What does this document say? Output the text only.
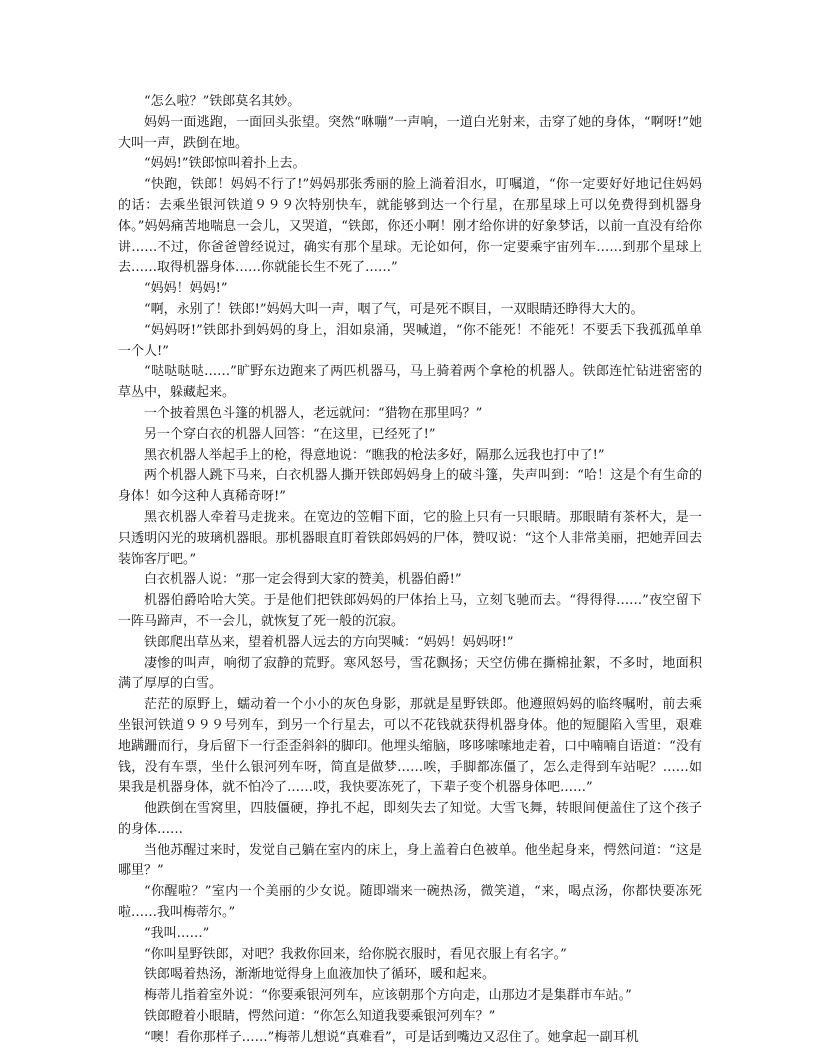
“怎么啦？”铁郎莫名其妙。

妈妈一面逃跑，一面回头张望。突然“咻嘣”一声响，一道白光射来，击穿了她的身体，“啊呀!”她大叫一声，跌倒在地。

“妈妈!”铁郎惊叫着扑上去。

“快跑，铁郎！妈妈不行了!”妈妈那张秀丽的脸上淌着泪水，叮嘱道，“你一定要好好地记住妈妈的话：去乘坐银河铁道９９９次特别快车，就能够到达一个行星，在那星球上可以免费得到机器身体。”妈妈痛苦地喘息一会儿，又哭道，“铁郎，你还小啊！刚才给你讲的好象梦话，以前一直没有给你讲……不过，你爸爸曾经说过，确实有那个星球。无论如何，你一定要乘宇宙列车……到那个星球上去……取得机器身体……你就能长生不死了……”

“妈妈！妈妈!”

“啊，永别了！铁郎!”妈妈大叫一声，咽了气，可是死不瞑目，一双眼睛还睁得大大的。

“妈妈呀!”铁郎扑到妈妈的身上，泪如泉涌，哭喊道，“你不能死！不能死！不要丢下我孤孤单单一个人!”

“哒哒哒哒……”旷野东边跑来了两匹机器马，马上骑着两个拿枪的机器人。铁郎连忙钻进密密的草丛中，躲藏起来。

一个披着黑色斗篷的机器人，老远就问：“猎物在那里吗？”

另一个穿白衣的机器人回答：“在这里，已经死了!”

黑衣机器人举起手上的枪，得意地说：“瞧我的枪法多好，隔那么远我也打中了!”

两个机器人跳下马来，白衣机器人撕开铁郎妈妈身上的破斗篷，失声叫到：“哈！这是个有生命的身体！如今这种人真稀奇呀!”

黑衣机器人牵着马走拢来。在宽边的笠帽下面，它的脸上只有一只眼睛。那眼睛有茶杯大，是一只透明闪光的玻璃机器眼。那机器眼直盯着铁郎妈妈的尸体，赞叹说：“这个人非常美丽，把她弄回去装饰客厅吧。”

白衣机器人说：“那一定会得到大家的赞美，机器伯爵!”

机器伯爵哈哈大笑。于是他们把铁郎妈妈的尸体抬上马，立刻飞驰而去。“得得得……”夜空留下一阵马蹄声，不一会儿，就恢复了死一般的沉寂。

铁郎爬出草丛来，望着机器人远去的方向哭喊：“妈妈！妈妈呀!”

凄惨的叫声，响彻了寂静的荒野。寒风怒号，雪花飘扬；天空仿佛在撕棉扯絮，不多时，地面积满了厚厚的白雪。

茫茫的原野上，蠕动着一个小小的灰色身影，那就是星野铁郎。他遵照妈妈的临终嘱咐，前去乘坐银河铁道９９９号列车，到另一个行星去，可以不花钱就获得机器身体。他的短腿陷入雪里，艰难地蹒跚而行，身后留下一行歪歪斜斜的脚印。他埋头缩脑，哆哆嗦嗦地走着，口中喃喃自语道：“没有钱，没有车票，坐什么银河列车呀，简直是做梦……唉，手脚都冻僵了，怎么走得到车站呢？……如果我是机器身体，就不怕冷了……哎，我快要冻死了，下辈子变个机器身体吧……”

他跌倒在雪窝里，四肢僵硬，挣扎不起，即刻失去了知觉。大雪飞舞，转眼间便盖住了这个孩子的身体……

当他苏醒过来时，发觉自己躺在室内的床上，身上盖着白色被单。他坐起身来，愕然问道：“这是哪里？”

“你醒啦？”室内一个美丽的少女说。随即端来一碗热汤，微笑道，“来，喝点汤，你都快要冻死啦……我叫梅蒂尔。”

“我叫……”

“你叫星野铁郎，对吧？我救你回来，给你脱衣服时，看见衣服上有名字。”

铁郎喝着热汤，渐渐地觉得身上血液加快了循环，暖和起来。

梅蒂儿指着室外说：“你要乘银河列车，应该朝那个方向走，山那边才是集群市车站。”

铁郎瞪着小眼睛，愕然问道：“你怎么知道我要乘银河列车？”

“噢！看你那样子……”梅蒂儿想说“真难看”，可是话到嘴边又忍住了。她拿起一副耳机
